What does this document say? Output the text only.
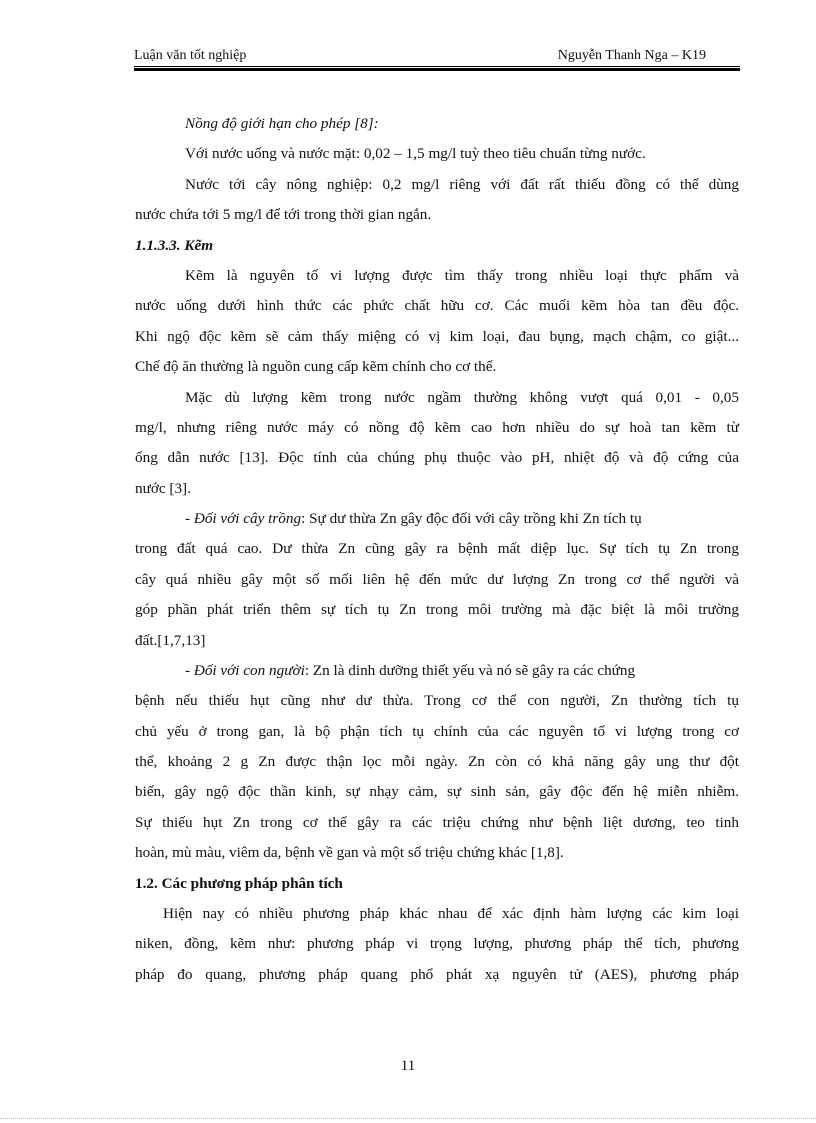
Luận văn tốt nghiệp	Nguyễn Thanh Nga – K19
Nồng độ giới hạn cho phép [8]:
Với nước uống và nước mặt: 0,02 – 1,5 mg/l tuỳ theo tiêu chuẩn từng nước.
Nước tới cây nông nghiệp: 0,2 mg/l riêng với đất rất thiếu đồng có thể dùng
nước chứa tới 5 mg/l để tới trong thời gian ngắn.
1.1.3.3. Kẽm
Kẽm là nguyên tố vi lượng được tìm thấy trong nhiều loại thực phẩm và
nước uống dưới hình thức các phức chất hữu cơ. Các muối kẽm hòa tan đều độc.
Khi ngộ độc kẽm sẽ cảm thấy miệng có vị kim loại, đau bụng, mạch chậm, co giật...
Chế độ ăn thường là nguồn cung cấp kẽm chính cho cơ thể.
Mặc dù lượng kẽm trong nước ngầm thường không vượt quá 0,01 - 0,05
mg/l, nhưng riêng nước máy có nồng độ kẽm cao hơn nhiều do sự hoà tan kẽm từ
ống dẫn nước [13]. Độc tính của chúng phụ thuộc vào pH, nhiệt độ và độ cứng của
nước [3].
- Đối với cây trồng: Sự dư thừa Zn gây độc đối với cây trồng khi Zn tích tụ
trong đất quá cao. Dư thừa Zn cũng gây ra bệnh mất diệp lục. Sự tích tụ Zn trong
cây quá nhiều gây một số mối liên hệ đến mức dư lượng Zn trong cơ thể người và
góp phần phát triển thêm sự tích tụ Zn trong môi trường mà đặc biệt là môi trường
đất.[1,7,13]
- Đối với con người: Zn là dinh dưỡng thiết yếu và nó sẽ gây ra các chứng
bệnh nếu thiếu hụt cũng như dư thừa. Trong cơ thể con người, Zn thường tích tụ
chủ yếu ở trong gan, là bộ phận tích tụ chính của các nguyên tố vi lượng trong cơ
thể, khoảng 2 g Zn được thận lọc mỗi ngày. Zn còn có khả năng gây ung thư đột
biến, gây ngộ độc thần kinh, sự nhạy cảm, sự sinh sản, gây độc đến hệ miễn nhiễm.
Sự thiếu hụt Zn trong cơ thể gây ra các triệu chứng như bệnh liệt dương, teo tinh
hoàn, mù màu, viêm da, bệnh về gan và một số triệu chứng khác [1,8].
1.2. Các phương pháp phân tích
Hiện nay có nhiều phương pháp khác nhau để xác định hàm lượng các kim loại
niken, đồng, kẽm như: phương pháp vi trọng lượng, phương pháp thể tích, phương
pháp đo quang, phương pháp quang phổ phát xạ nguyên tử (AES), phương pháp
11
